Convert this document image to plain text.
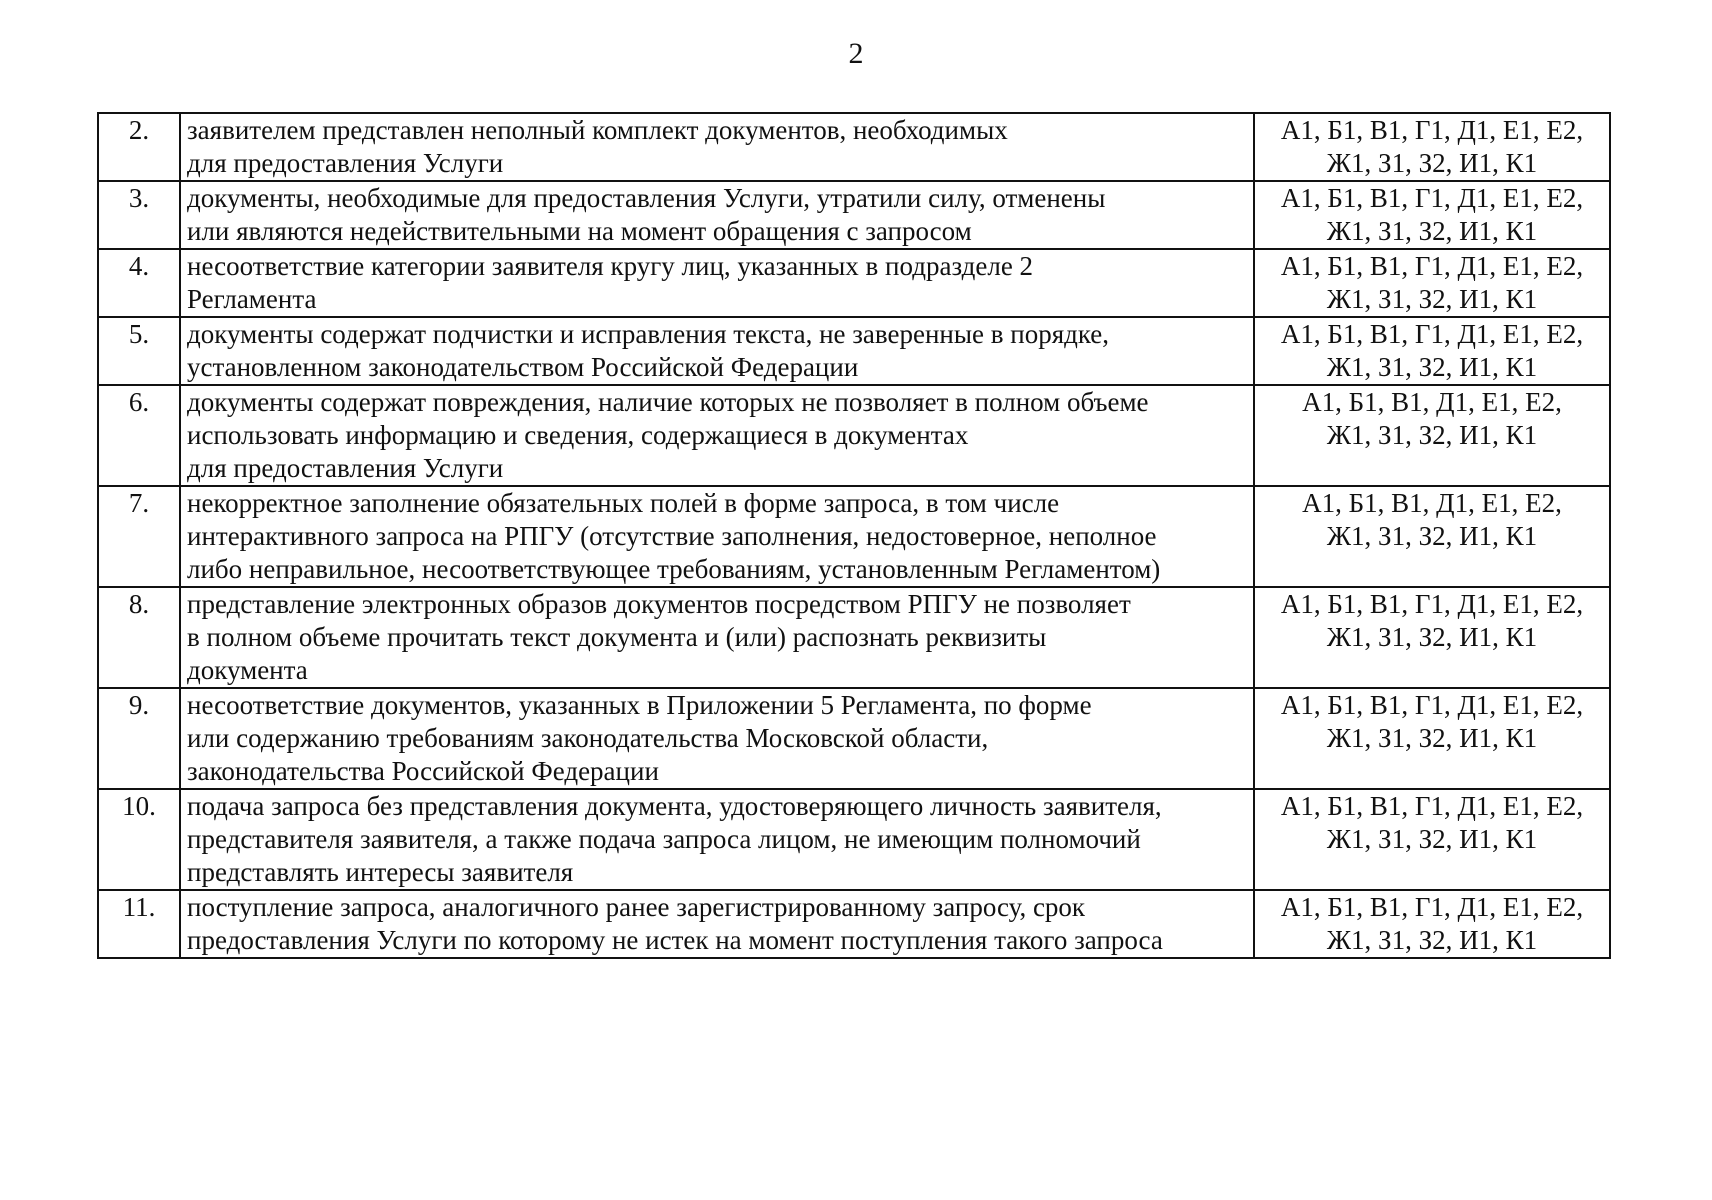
2
2.	заявителем представлен неполный комплект документов, необходимых
для предоставления Услуги	А1, Б1, В1, Г1, Д1, Е1, Е2,
Ж1, З1, З2, И1, К1

3.	документы, необходимые для предоставления Услуги, утратили силу, отменены
или являются недействительными на момент обращения с запросом	А1, Б1, В1, Г1, Д1, Е1, Е2,
Ж1, З1, З2, И1, К1

4.	несоответствие категории заявителя кругу лиц, указанных в подразделе 2
Регламента	А1, Б1, В1, Г1, Д1, Е1, Е2,
Ж1, З1, З2, И1, К1

5.	документы содержат подчистки и исправления текста, не заверенные в порядке,
установленном законодательством Российской Федерации	А1, Б1, В1, Г1, Д1, Е1, Е2,
Ж1, З1, З2, И1, К1

6.	документы содержат повреждения, наличие которых не позволяет в полном объеме
использовать информацию и сведения, содержащиеся в документах
для предоставления Услуги	А1, Б1, В1, Д1, Е1, Е2,
Ж1, З1, З2, И1, К1

7.	некорректное заполнение обязательных полей в форме запроса, в том числе
интерактивного запроса на РПГУ (отсутствие заполнения, недостоверное, неполное
либо неправильное, несоответствующее требованиям, установленным Регламентом)	А1, Б1, В1, Д1, Е1, Е2,
Ж1, З1, З2, И1, К1

8.	представление электронных образов документов посредством РПГУ не позволяет
в полном объеме прочитать текст документа и (или) распознать реквизиты
документа	А1, Б1, В1, Г1, Д1, Е1, Е2,
Ж1, З1, З2, И1, К1

9.	несоответствие документов, указанных в Приложении 5 Регламента, по форме
или содержанию требованиям законодательства Московской области,
законодательства Российской Федерации	А1, Б1, В1, Г1, Д1, Е1, Е2,
Ж1, З1, З2, И1, К1

10.	подача запроса без представления документа, удостоверяющего личность заявителя,
представителя заявителя, а также подача запроса лицом, не имеющим полномочий
представлять интересы заявителя	А1, Б1, В1, Г1, Д1, Е1, Е2,
Ж1, З1, З2, И1, К1

11.	поступление запроса, аналогичного ранее зарегистрированному запросу, срок
предоставления Услуги по которому не истек на момент поступления такого запроса	А1, Б1, В1, Г1, Д1, Е1, Е2,
Ж1, З1, З2, И1, К1
